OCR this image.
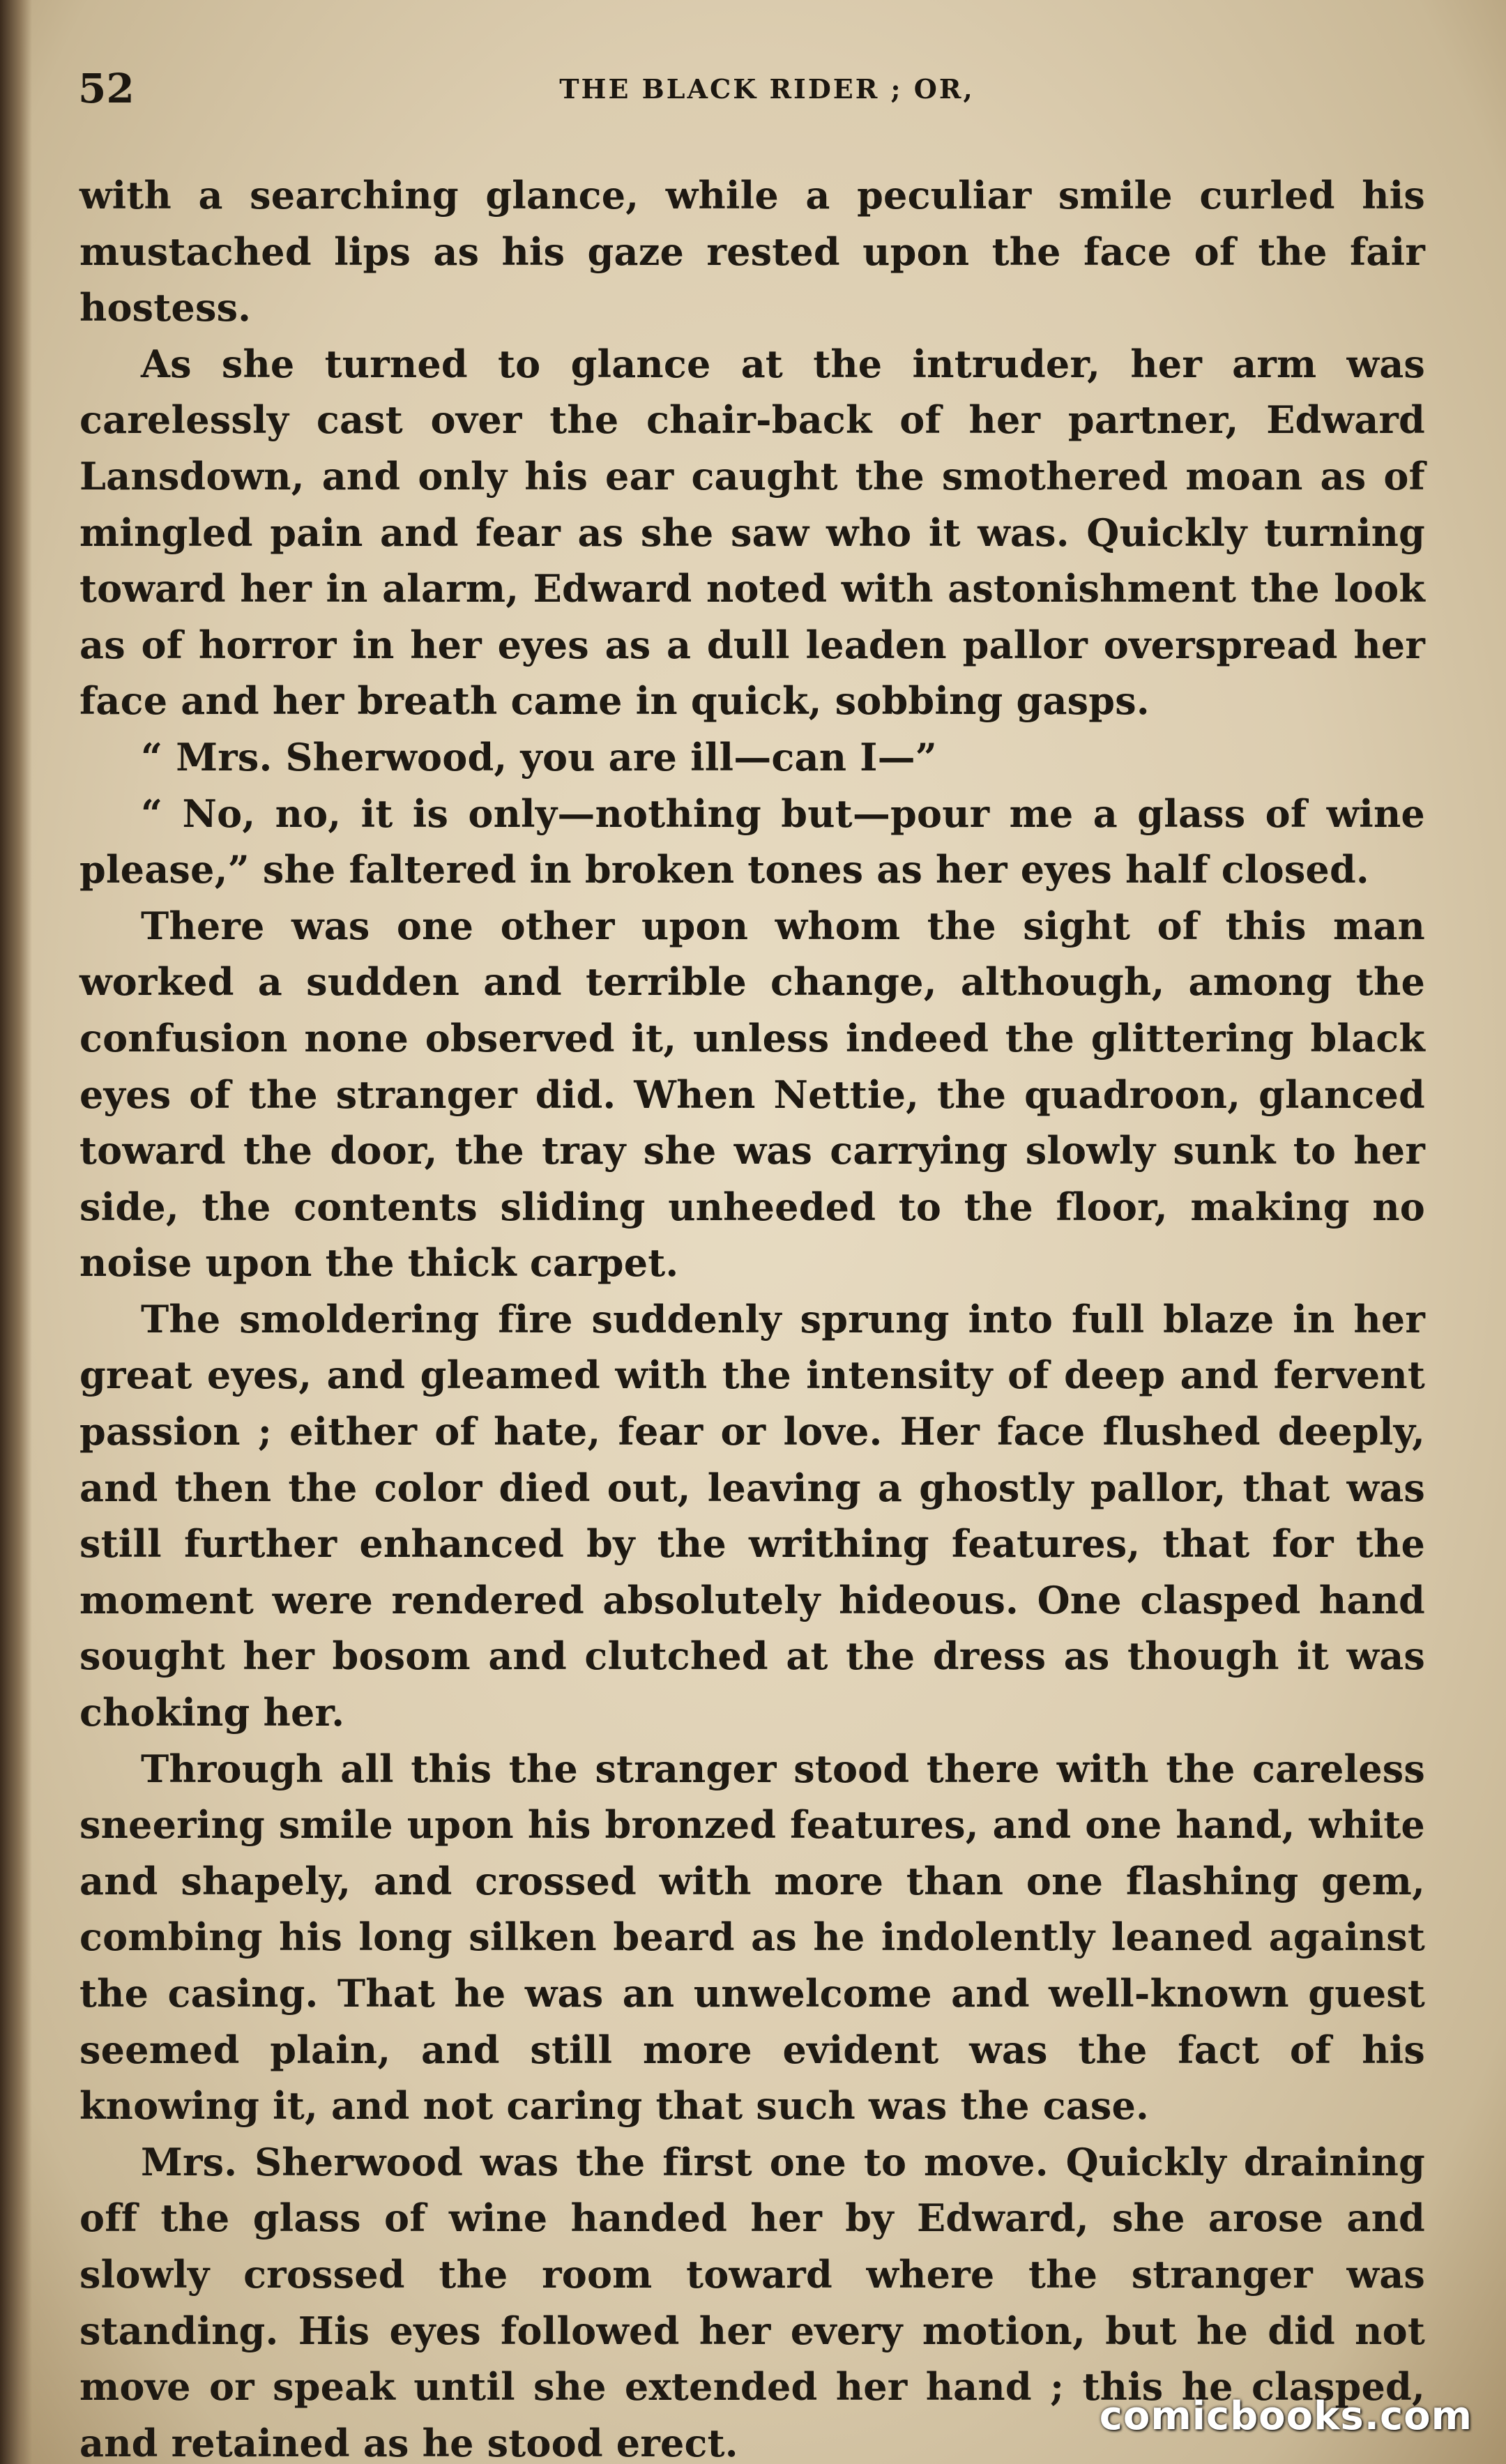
52	THE BLACK RIDER ; OR,

with a searching glance, while a peculiar smile curled his mustached lips as his gaze rested upon the face of the fair hostess.

As she turned to glance at the intruder, her arm was carelessly cast over the chair-back of her partner, Edward Lansdown, and only his ear caught the smothered moan as of mingled pain and fear as she saw who it was. Quickly turning toward her in alarm, Edward noted with astonishment the look as of horror in her eyes as a dull leaden pallor overspread her face and her breath came in quick, sobbing gasps.

“ Mrs. Sherwood, you are ill—can I—”

“ No, no, it is only—nothing but—pour me a glass of wine please,” she faltered in broken tones as her eyes half closed.

There was one other upon whom the sight of this man worked a sudden and terrible change, although, among the confusion none observed it, unless indeed the glittering black eyes of the stranger did. When Nettie, the quadroon, glanced toward the door, the tray she was carrying slowly sunk to her side, the contents sliding unheeded to the floor, making no noise upon the thick carpet.

The smoldering fire suddenly sprung into full blaze in her great eyes, and gleamed with the intensity of deep and fervent passion ; either of hate, fear or love. Her face flushed deeply, and then the color died out, leaving a ghostly pallor, that was still further enhanced by the writhing features, that for the moment were rendered absolutely hideous. One clasped hand sought her bosom and clutched at the dress as though it was choking her.

Through all this the stranger stood there with the careless sneering smile upon his bronzed features, and one hand, white and shapely, and crossed with more than one flashing gem, combing his long silken beard as he indolently leaned against the casing. That he was an unwelcome and well-known guest seemed plain, and still more evident was the fact of his knowing it, and not caring that such was the case.

Mrs. Sherwood was the first one to move. Quickly draining off the glass of wine handed her by Edward, she arose and slowly crossed the room toward where the stranger was standing. His eyes followed her every motion, but he did not move or speak until she extended her hand ; this he clasped, and retained as he stood erect.

comicbooks.com
